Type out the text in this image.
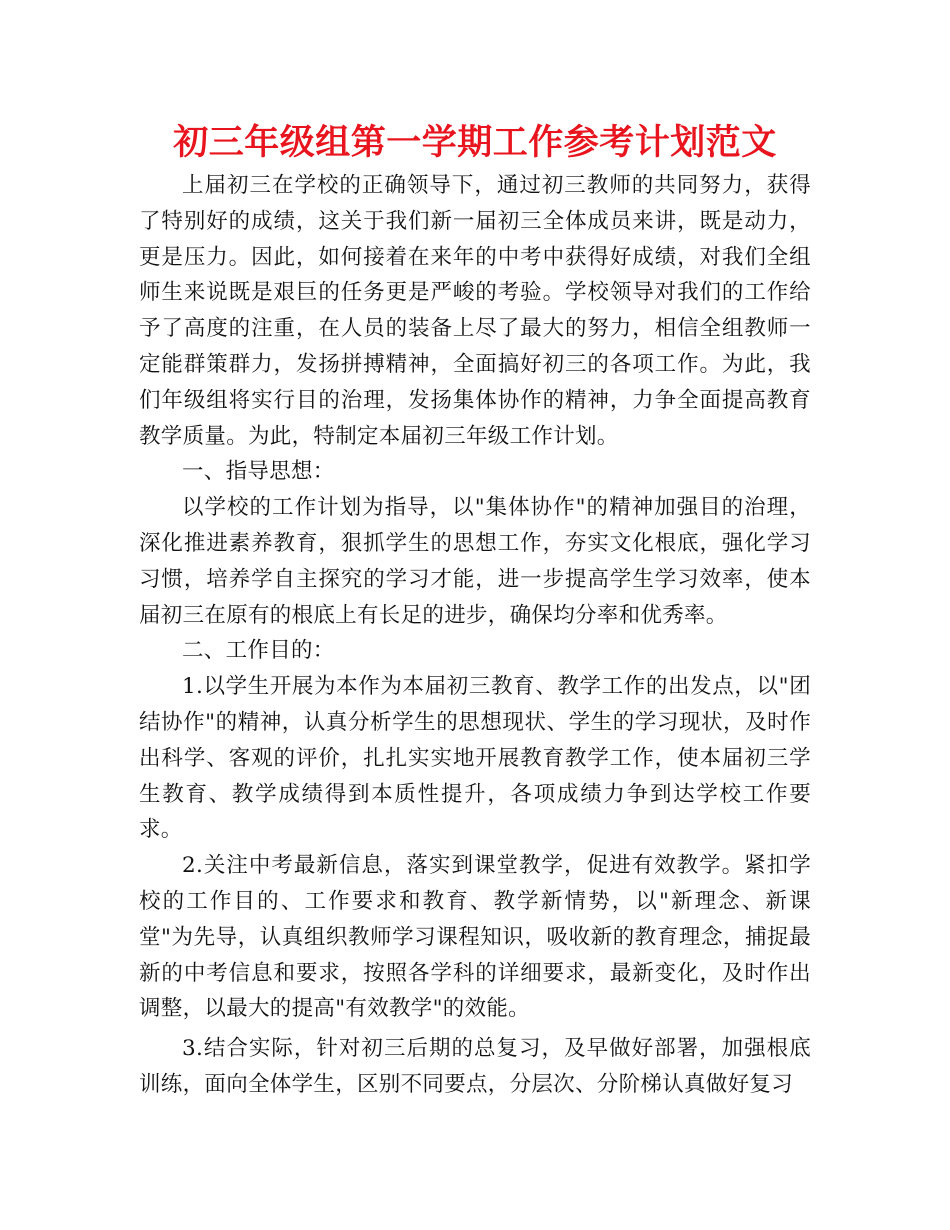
初三年级组第一学期工作参考计划范文

上届初三在学校的正确领导下，通过初三教师的共同努力，获得了特别好的成绩，这关于我们新一届初三全体成员来讲，既是动力，更是压力。因此，如何接着在来年的中考中获得好成绩，对我们全组师生来说既是艰巨的任务更是严峻的考验。学校领导对我们的工作给予了高度的注重，在人员的装备上尽了最大的努力，相信全组教师一定能群策群力，发扬拼搏精神，全面搞好初三的各项工作。为此，我们年级组将实行目的治理，发扬集体协作的精神，力争全面提高教育教学质量。为此，特制定本届初三年级工作计划。

一、指导思想：

以学校的工作计划为指导，以"集体协作"的精神加强目的治理，深化推进素养教育，狠抓学生的思想工作，夯实文化根底，强化学习习惯，培养学自主探究的学习才能，进一步提高学生学习效率，使本届初三在原有的根底上有长足的进步，确保均分率和优秀率。

二、工作目的：

1.以学生开展为本作为本届初三教育、教学工作的出发点，以"团结协作"的精神，认真分析学生的思想现状、学生的学习现状，及时作出科学、客观的评价，扎扎实实地开展教育教学工作，使本届初三学生教育、教学成绩得到本质性提升，各项成绩力争到达学校工作要求。

2.关注中考最新信息，落实到课堂教学，促进有效教学。紧扣学校的工作目的、工作要求和教育、教学新情势，以"新理念、新课堂"为先导，认真组织教师学习课程知识，吸收新的教育理念，捕捉最新的中考信息和要求，按照各学科的详细要求，最新变化，及时作出调整，以最大的提高"有效教学"的效能。

3.结合实际，针对初三后期的总复习，及早做好部署，加强根底训练，面向全体学生，区别不同要点，分层次、分阶梯认真做好复习
